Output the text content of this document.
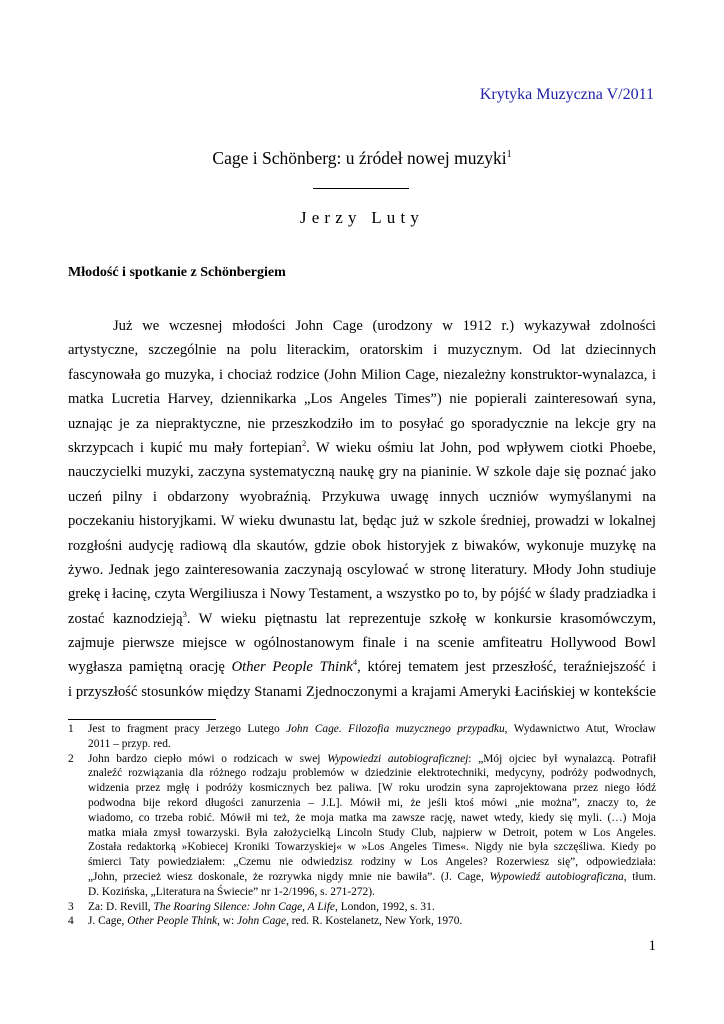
Krytyka Muzyczna V/2011
Cage i Schönberg: u źródeł nowej muzyki$^1$
Jerzy Luty
Młodość i spotkanie z Schönbergiem
Już we wczesnej młodości John Cage (urodzony w 1912 r.) wykazywał zdolności
artystyczne, szczególnie na polu literackim, oratorskim i muzycznym. Od lat dziecinnych
fascynowała go muzyka, i chociaż rodzice (John Milion Cage, niezależny konstruktor-wynalazca, i
matka Lucretia Harvey, dziennikarka „Los Angeles Times”) nie popierali zainteresowań syna,
uznając je za niepraktyczne, nie przeszkodziło im to posyłać go sporadycznie na lekcje gry na
skrzypcach i kupić mu mały fortepian$^2$. W wieku ośmiu lat John, pod wpływem ciotki Phoebe,
nauczycielki muzyki, zaczyna systematyczną naukę gry na pianinie. W szkole daje się poznać jako
uczeń pilny i obdarzony wyobraźnią. Przykuwa uwagę innych uczniów wymyślanymi na
poczekaniu historyjkami. W wieku dwunastu lat, będąc już w szkole średniej, prowadzi w lokalnej
rozgłośni audycję radiową dla skautów, gdzie obok historyjek z biwaków, wykonuje muzykę na
żywo. Jednak jego zainteresowania zaczynają oscylować w stronę literatury. Młody John studiuje
grekę i łacinę, czyta Wergiliusza i Nowy Testament, a wszystko po to, by pójść w ślady pradziadka i
zostać kaznodzieją$^3$. W wieku piętnastu lat reprezentuje szkołę w konkursie krasomówczym,
zajmuje pierwsze miejsce w ogólnostanowym finale i na scenie amfiteatru Hollywood Bowl
wygłasza pamiętną orację Other People Think$^4$, której tematem jest przeszłość, teraźniejszość i
i przyszłość stosunków między Stanami Zjednoczonymi a krajami Ameryki Łacińskiej w kontekście
1 Jest to fragment pracy Jerzego Lutego John Cage. Filozofia muzycznego przypadku, Wydawnictwo Atut, Wrocław
2011 – przyp. red.
2 John bardzo ciepło mówi o rodzicach w swej Wypowiedzi autobiograficznej: „Mój ojciec był wynalazcą. Potrafił
znaleźć rozwiązania dla różnego rodzaju problemów w dziedzinie elektrotechniki, medycyny, podróży podwodnych,
widzenia przez mgłę i podróży kosmicznych bez paliwa. [W roku urodzin syna zaprojektowana przez niego łódź
podwodna bije rekord długości zanurzenia – J.L]. Mówił mi, że jeśli ktoś mówi „nie można”, znaczy to, że
wiadomo, co trzeba robić. Mówił mi też, że moja matka ma zawsze rację, nawet wtedy, kiedy się myli. (…) Moja
matka miała zmysł towarzyski. Była założycielką Lincoln Study Club, najpierw w Detroit, potem w Los Angeles.
Została redaktorką »Kobiecej Kroniki Towarzyskiej« w »Los Angeles Times«. Nigdy nie była szczęśliwa. Kiedy po
śmierci Taty powiedziałem: „Czemu nie odwiedzisz rodziny w Los Angeles? Rozerwiesz się”, odpowiedziała:
„John, przecież wiesz doskonale, że rozrywka nigdy mnie nie bawiła”. (J. Cage, Wypowiedź autobiograficzna, tłum.
D. Kozińska, „Literatura na Świecie” nr 1-2/1996, s. 271-272).
3 Za: D. Revill, The Roaring Silence: John Cage, A Life, London, 1992, s. 31.
4 J. Cage, Other People Think, w: John Cage, red. R. Kostelanetz, New York, 1970.
1
